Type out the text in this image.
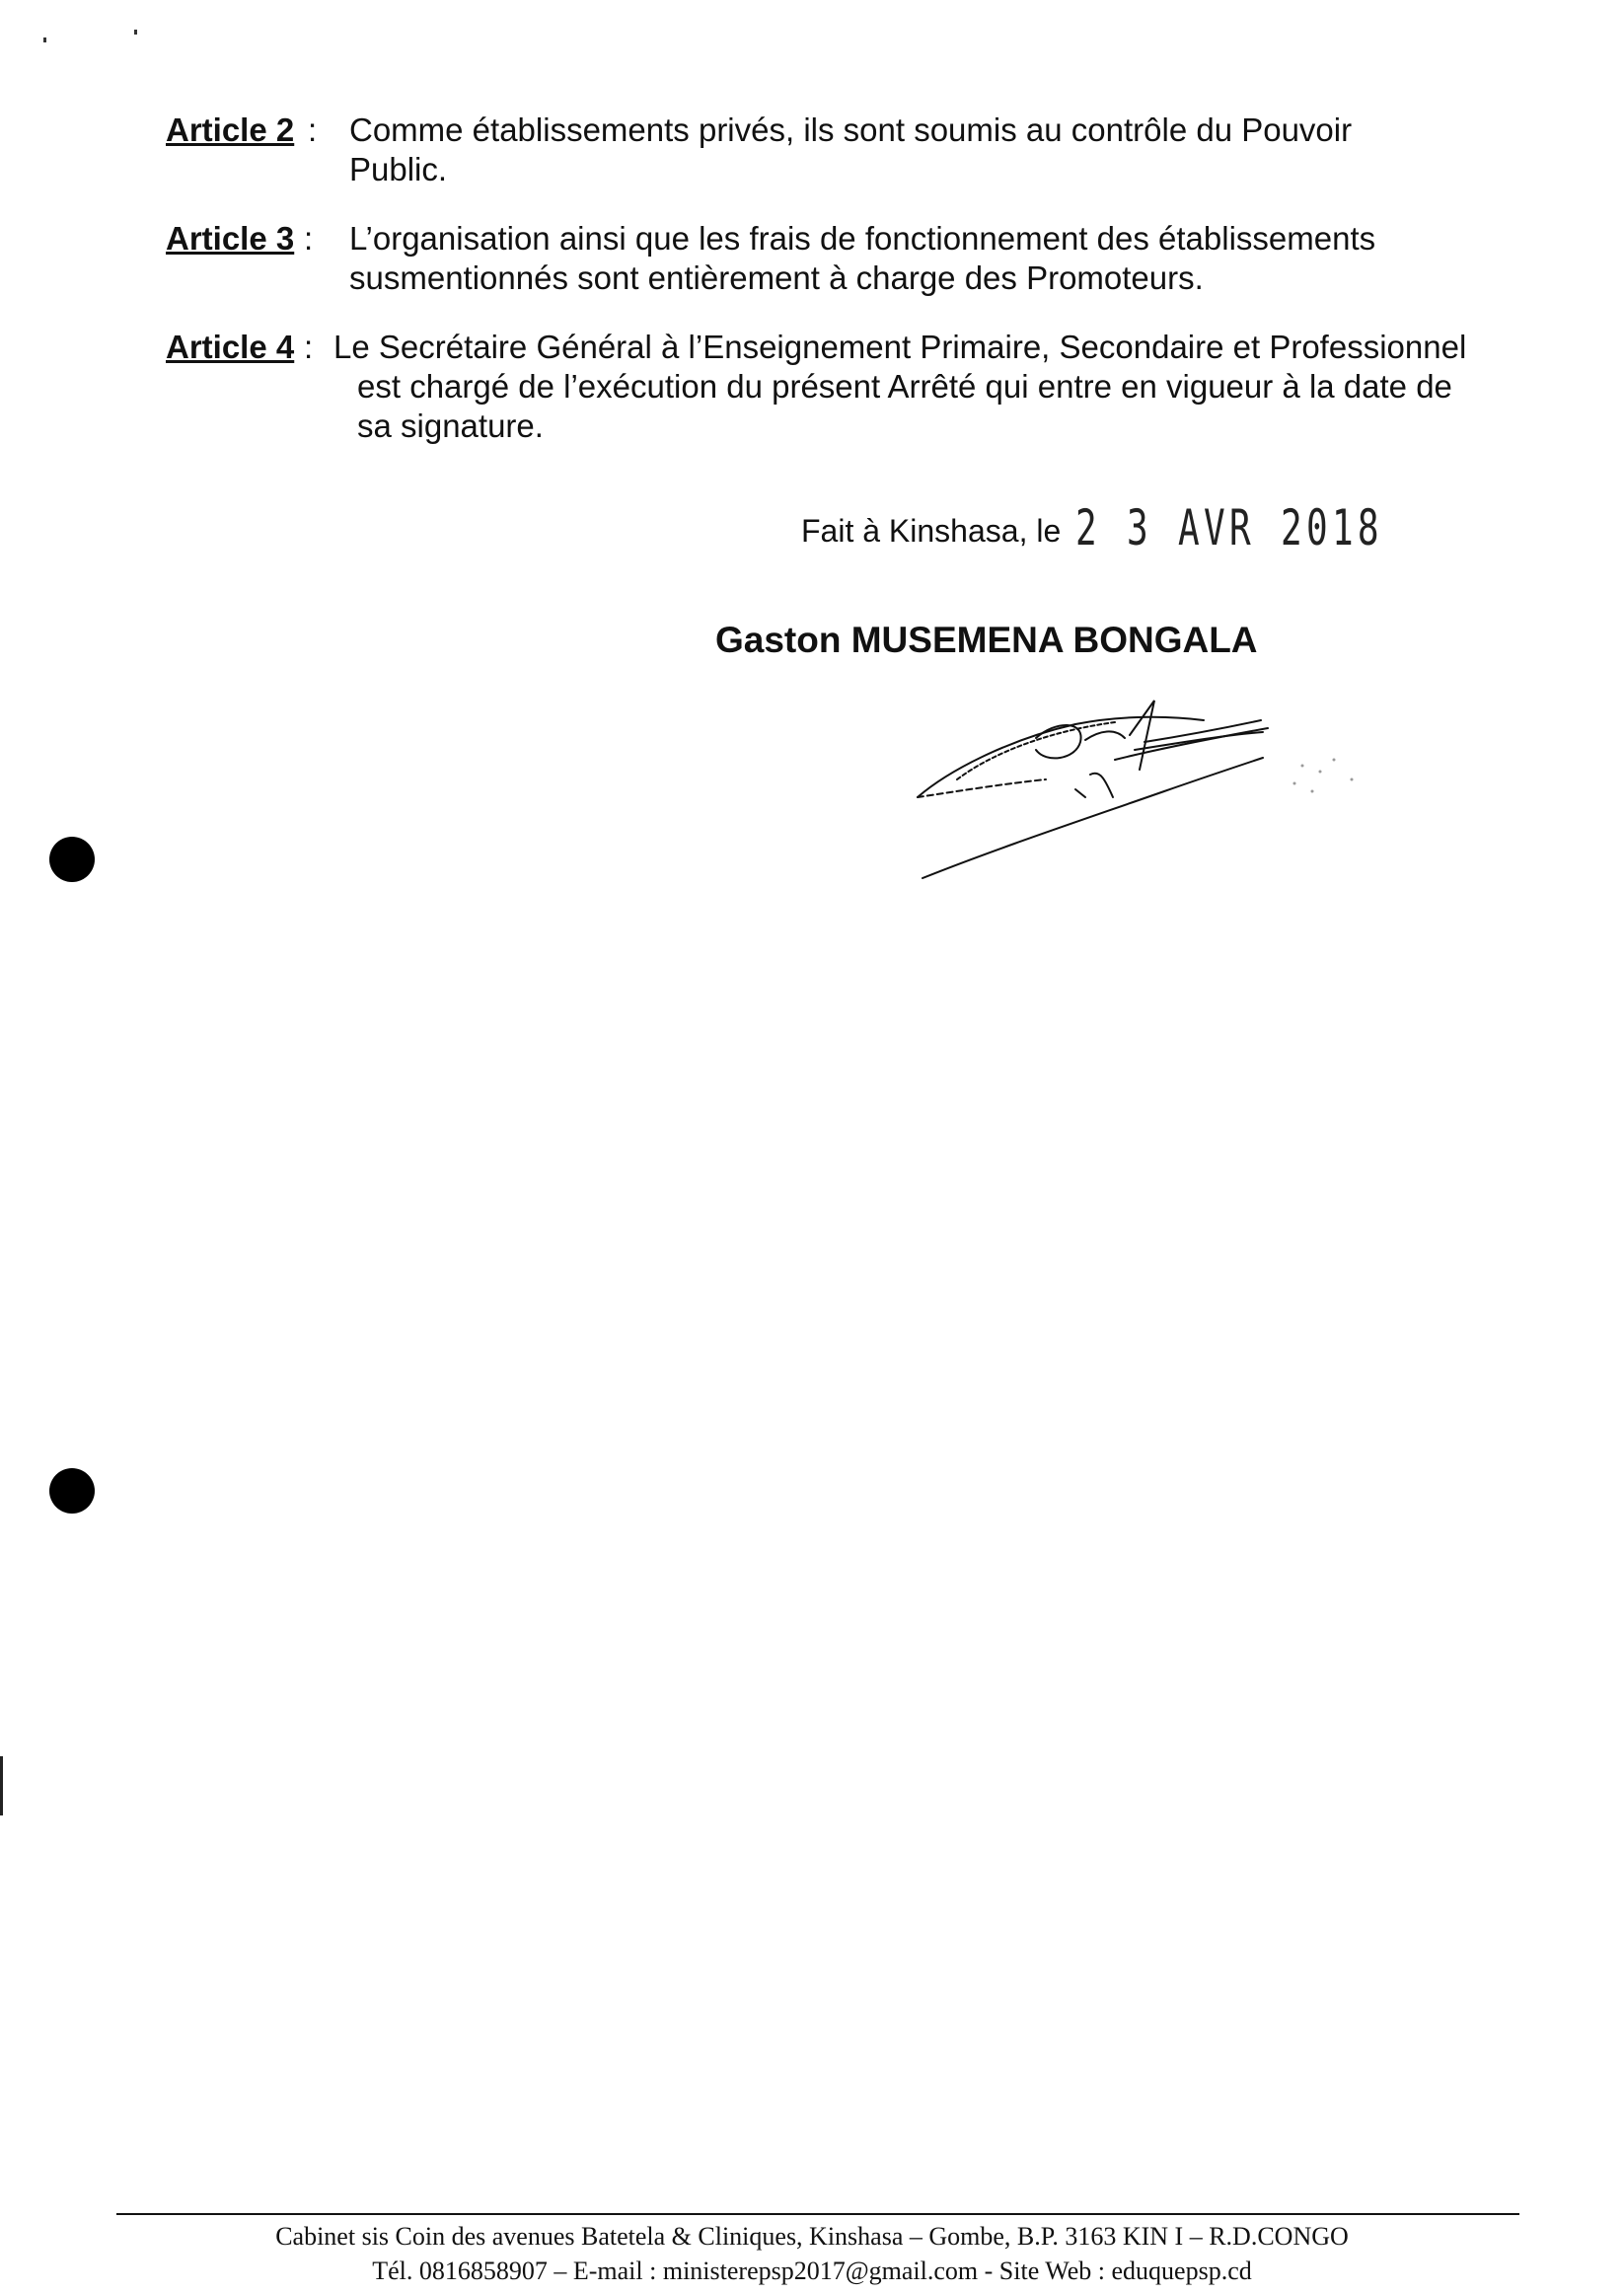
Article 2 : Comme établissements privés, ils sont soumis au contrôle du Pouvoir
Public.
Article 3 : L’organisation ainsi que les frais de fonctionnement des établissements
susmentionnés sont entièrement à charge des Promoteurs.
Article 4 : Le Secrétaire Général à l’Enseignement Primaire, Secondaire et Professionnel
est chargé de l’exécution du présent Arrêté qui entre en vigueur à la date de
sa signature.
Fait à Kinshasa, le 2 3 AVR 2018
Gaston MUSEMENA BONGALA
Cabinet sis Coin des avenues Batetela & Cliniques, Kinshasa – Gombe, B.P. 3163 KIN I – R.D.CONGO
Tél. 0816858907 – E-mail : ministerepsp2017@gmail.com - Site Web : eduquepsp.cd
